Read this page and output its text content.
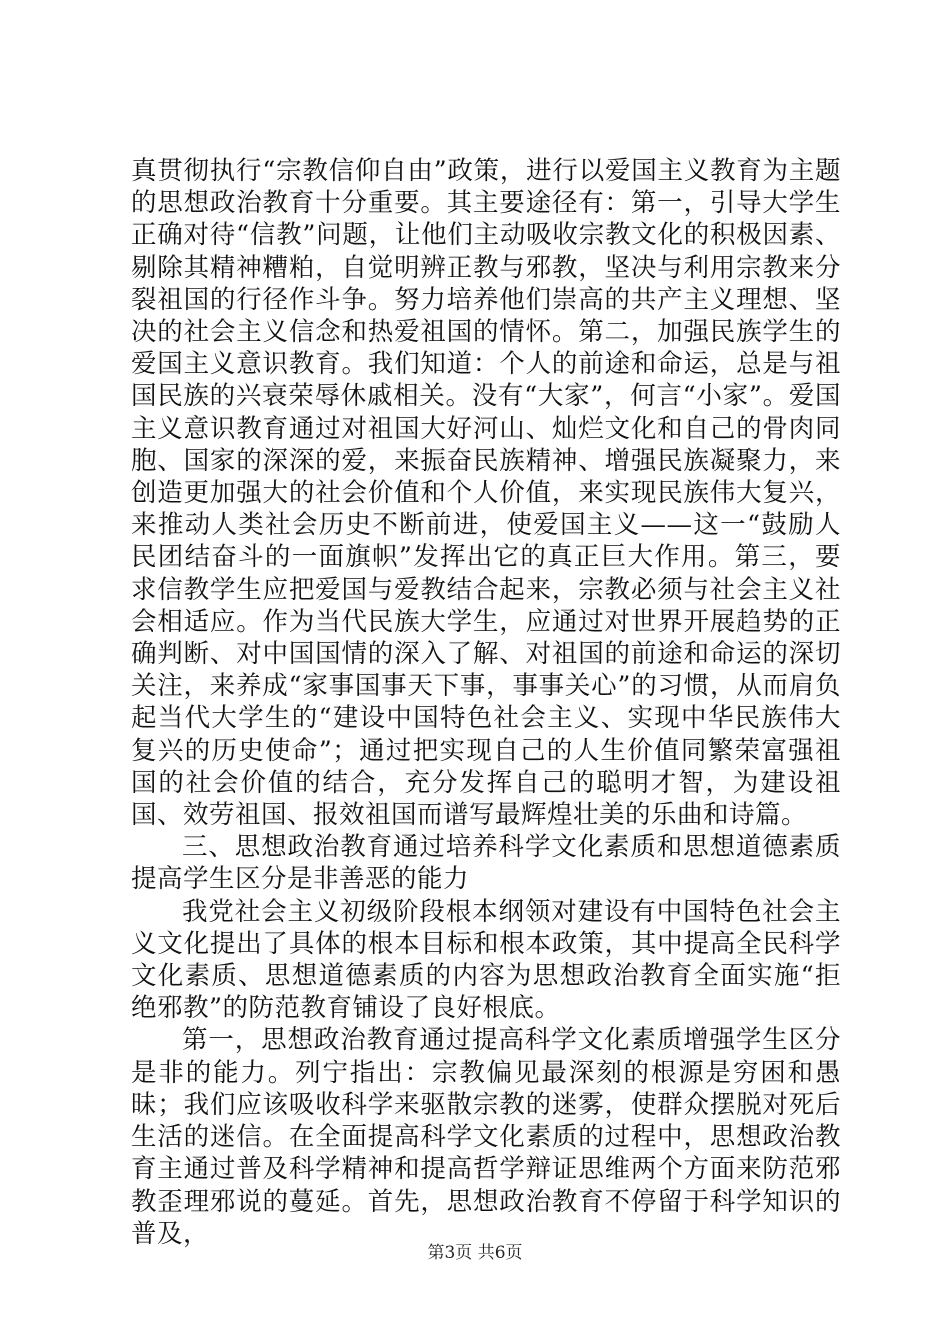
真贯彻执行“宗教信仰自由”政策，进行以爱国主义教育为主题的思想政治教育十分重要。其主要途径有：第一，引导大学生正确对待“信教”问题，让他们主动吸收宗教文化的积极因素、剔除其精神糟粕，自觉明辨正教与邪教，坚决与利用宗教来分裂祖国的行径作斗争。努力培养他们崇高的共产主义理想、坚决的社会主义信念和热爱祖国的情怀。第二，加强民族学生的爱国主义意识教育。我们知道：个人的前途和命运，总是与祖国民族的兴衰荣辱休戚相关。没有“大家”，何言“小家”。爱国主义意识教育通过对祖国大好河山、灿烂文化和自己的骨肉同胞、国家的深深的爱，来振奋民族精神、增强民族凝聚力，来创造更加强大的社会价值和个人价值，来实现民族伟大复兴，来推动人类社会历史不断前进，使爱国主义——这一“鼓励人民团结奋斗的一面旗帜”发挥出它的真正巨大作用。第三，要求信教学生应把爱国与爱教结合起来，宗教必须与社会主义社会相适应。作为当代民族大学生，应通过对世界开展趋势的正确判断、对中国国情的深入了解、对祖国的前途和命运的深切关注，来养成“家事国事天下事，事事关心”的习惯，从而肩负起当代大学生的“建设中国特色社会主义、实现中华民族伟大复兴的历史使命”；通过把实现自己的人生价值同繁荣富强祖国的社会价值的结合，充分发挥自己的聪明才智，为建设祖国、效劳祖国、报效祖国而谱写最辉煌壮美的乐曲和诗篇。

三、思想政治教育通过培养科学文化素质和思想道德素质提高学生区分是非善恶的能力

我党社会主义初级阶段根本纲领对建设有中国特色社会主义文化提出了具体的根本目标和根本政策，其中提高全民科学文化素质、思想道德素质的内容为思想政治教育全面实施“拒绝邪教”的防范教育铺设了良好根底。

第一，思想政治教育通过提高科学文化素质增强学生区分是非的能力。列宁指出：宗教偏见最深刻的根源是穷困和愚昧；我们应该吸收科学来驱散宗教的迷雾，使群众摆脱对死后生活的迷信。在全面提高科学文化素质的过程中，思想政治教育主通过普及科学精神和提高哲学辩证思维两个方面来防范邪教歪理邪说的蔓延。首先，思想政治教育不停留于科学知识的普及，

第3页 共6页
